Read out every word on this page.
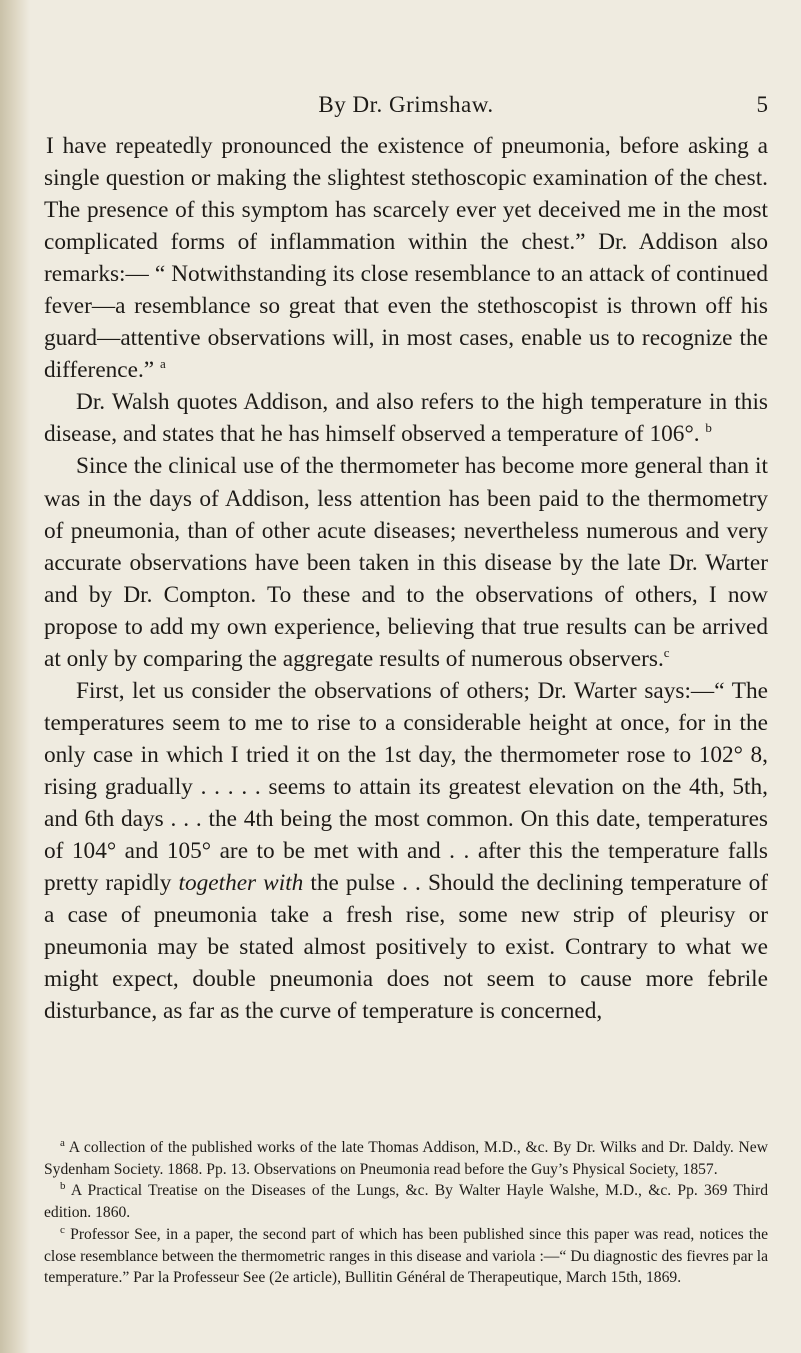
By Dr. Grimshaw.	5

I have repeatedly pronounced the existence of pneumonia, before asking a single question or making the slightest stethoscopic examination of the chest. The presence of this symptom has scarcely ever yet deceived me in the most complicated forms of inflammation within the chest.” Dr. Addison also remarks:— “ Notwithstanding its close resemblance to an attack of continued fever—a resemblance so great that even the stethoscopist is thrown off his guard—attentive observations will, in most cases, enable us to recognize the difference.” $^a$

Dr. Walsh quotes Addison, and also refers to the high temperature in this disease, and states that he has himself observed a temperature of 106°. $^b$

Since the clinical use of the thermometer has become more general than it was in the days of Addison, less attention has been paid to the thermometry of pneumonia, than of other acute diseases; nevertheless numerous and very accurate observations have been taken in this disease by the late Dr. Warter and by Dr. Compton. To these and to the observations of others, I now propose to add my own experience, believing that true results can be arrived at only by comparing the aggregate results of numerous observers.$^c$

First, let us consider the observations of others; Dr. Warter says:—“ The temperatures seem to me to rise to a considerable height at once, for in the only case in which I tried it on the 1st day, the thermometer rose to 102° 8, rising gradually . . . . . seems to attain its greatest elevation on the 4th, 5th, and 6th days . . . the 4th being the most common. On this date, temperatures of 104° and 105° are to be met with and . . after this the temperature falls pretty rapidly together with the pulse . . Should the declining temperature of a case of pneumonia take a fresh rise, some new strip of pleurisy or pneumonia may be stated almost positively to exist. Contrary to what we might expect, double pneumonia does not seem to cause more febrile disturbance, as far as the curve of temperature is concerned,

$^a$ A collection of the published works of the late Thomas Addison, M.D., &c. By Dr. Wilks and Dr. Daldy. New Sydenham Society. 1868. Pp. 13. Observations on Pneumonia read before the Guy’s Physical Society, 1857.

$^b$ A Practical Treatise on the Diseases of the Lungs, &c. By Walter Hayle Walshe, M.D., &c. Pp. 369 Third edition. 1860.

$^c$ Professor See, in a paper, the second part of which has been published since this paper was read, notices the close resemblance between the thermometric ranges in this disease and variola :—“ Du diagnostic des fievres par la temperature.” Par la Professeur See (2e article), Bullitin Général de Therapeutique, March 15th, 1869.
